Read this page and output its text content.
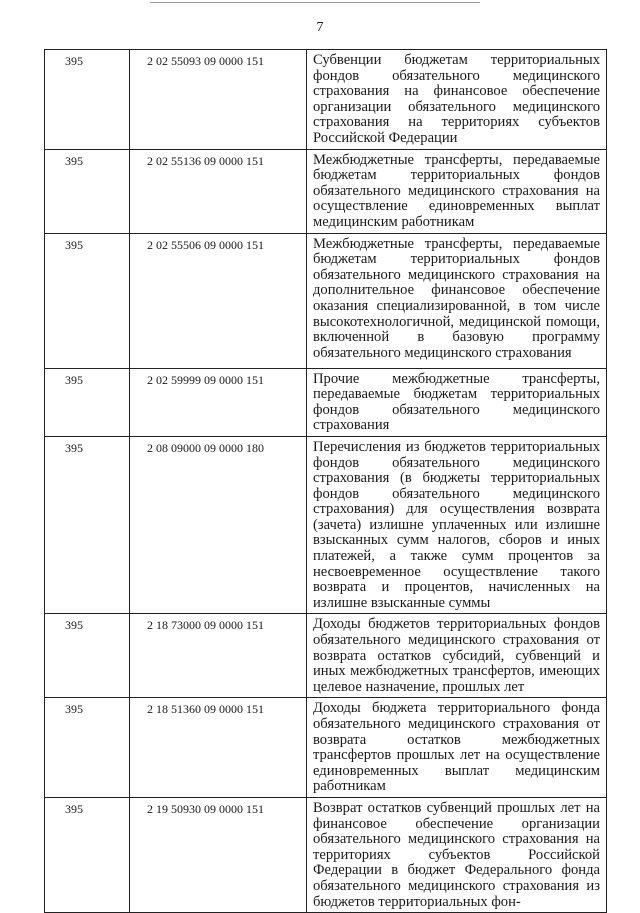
7
395	2 02 55093 09 0000 151	Субвенции бюджетам территориальных фондов обязательного медицинского страхования на финансовое обеспечение организации обязательного медицинского страхования на территориях субъектов Российской Федерации
395	2 02 55136 09 0000 151	Межбюджетные трансферты, передаваемые бюджетам территориальных фондов обязательного медицинского страхования на осуществление единовременных выплат медицинским работникам
395	2 02 55506 09 0000 151	Межбюджетные трансферты, передаваемые бюджетам территориальных фондов обязательного медицинского страхования на дополнительное финансовое обеспечение оказания специализированной, в том числе высокотехнологичной, медицинской помощи, включенной в базовую программу обязательного медицинского страхования
395	2 02 59999 09 0000 151	Прочие межбюджетные трансферты, передаваемые бюджетам территориальных фондов обязательного медицинского страхования
395	2 08 09000 09 0000 180	Перечисления из бюджетов территориальных фондов обязательного медицинского страхования (в бюджеты территориальных фондов обязательного медицинского страхования) для осуществления возврата (зачета) излишне уплаченных или излишне взысканных сумм налогов, сборов и иных платежей, а также сумм процентов за несвоевременное осуществление такого возврата и процентов, начисленных на излишне взысканные суммы
395	2 18 73000 09 0000 151	Доходы бюджетов территориальных фондов обязательного медицинского страхования от возврата остатков субсидий, субвенций и иных межбюджетных трансфертов, имеющих целевое назначение, прошлых лет
395	2 18 51360 09 0000 151	Доходы бюджета территориального фонда обязательного медицинского страхования от возврата остатков межбюджетных трансфертов прошлых лет на осуществление единовременных выплат медицинским работникам
395	2 19 50930 09 0000 151	Возврат остатков субвенций прошлых лет на финансовое обеспечение организации обязательного медицинского страхования на территориях субъектов Российской Федерации в бюджет Федерального фонда обязательного медицинского страхования из бюджетов территориальных фон-
